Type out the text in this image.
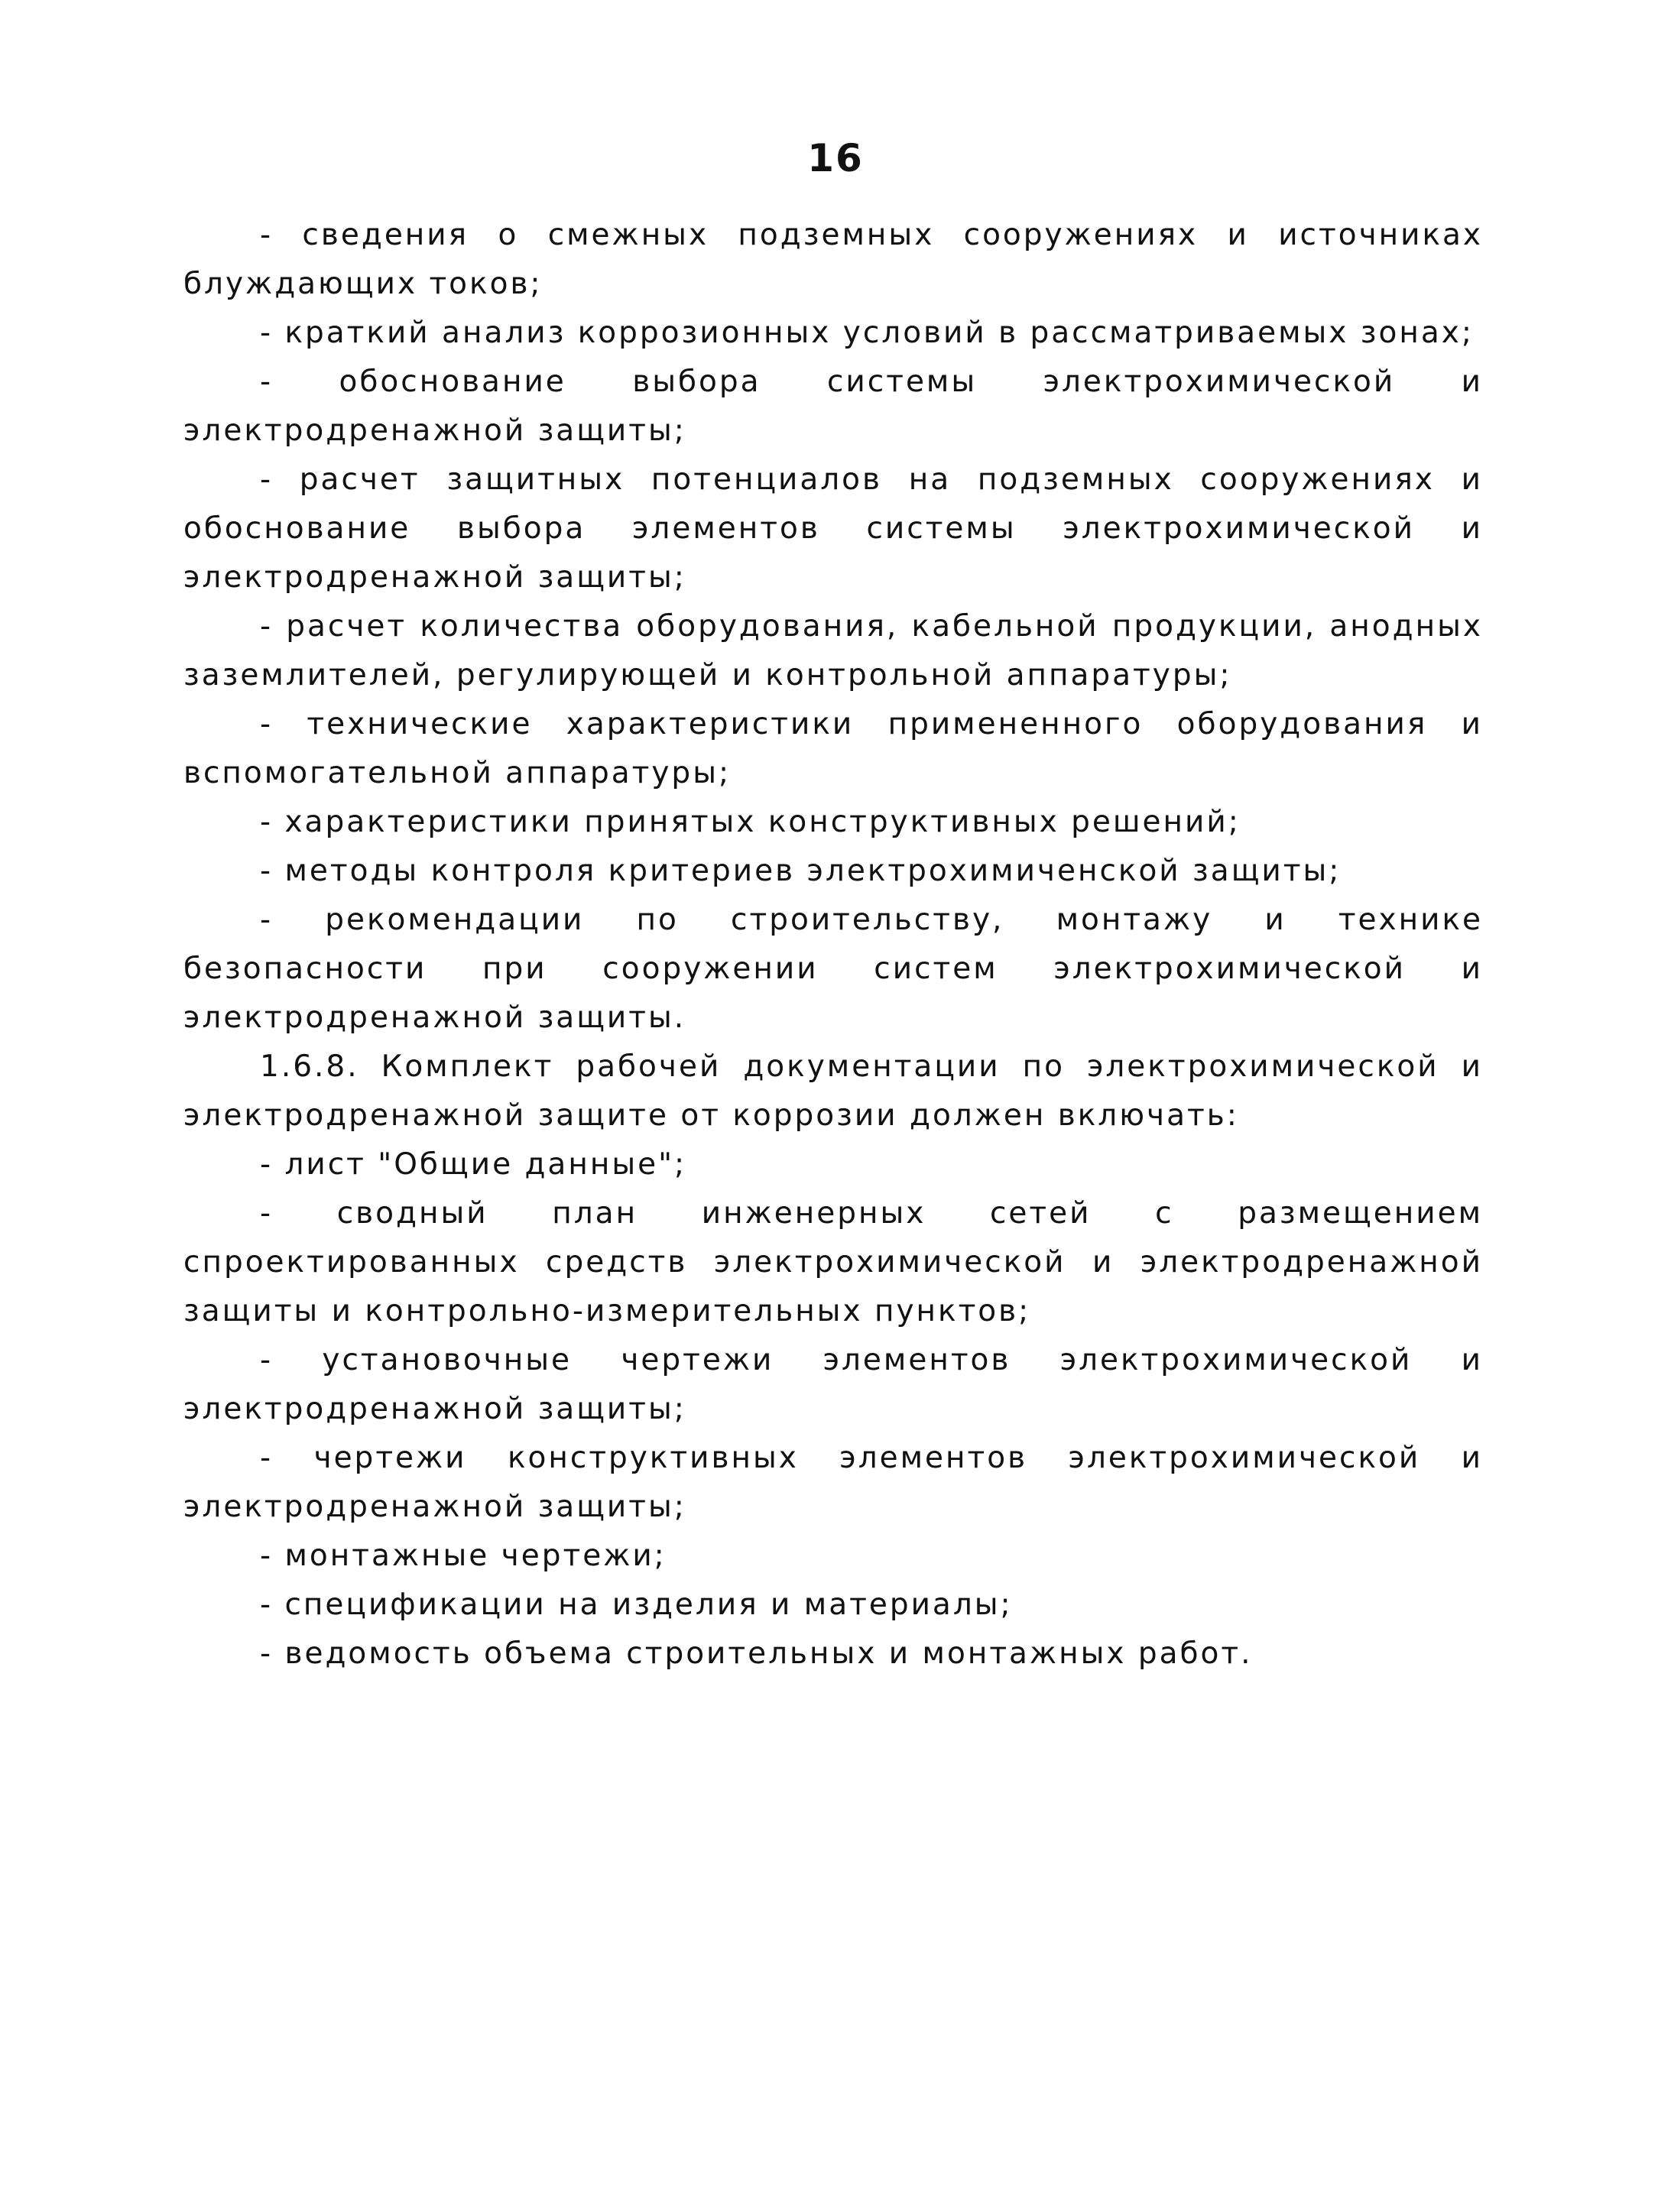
16

- сведения о смежных подземных сооружениях и источниках блуждающих токов;

- краткий анализ коррозионных условий в рассматриваемых зонах;

- обоснование выбора системы электрохимической и электродренажной защиты;

- расчет защитных потенциалов на подземных сооружениях и обоснование выбора элементов системы электрохимической и электродренажной защиты;

- расчет количества оборудования, кабельной продукции, анодных заземлителей, регулирующей и контрольной аппаратуры;

- технические характеристики примененного оборудования и вспомогательной аппаратуры;

- характеристики принятых конструктивных решений;

- методы контроля критериев электрохимиченской защиты;

- рекомендации по строительству, монтажу и технике безопасности при сооружении систем электрохимической и электродренажной защиты.

1.6.8. Комплект рабочей документации по электрохимической и электродренажной защите от коррозии должен включать:

- лист "Общие данные";

- сводный план инженерных сетей с размещением спроектированных средств электрохимической и электродренажной защиты и контрольно-измерительных пунктов;

- установочные чертежи элементов электрохимической и электродренажной защиты;

- чертежи конструктивных элементов электрохимической и электродренажной защиты;

- монтажные чертежи;

- спецификации на изделия и материалы;

- ведомость объема строительных и монтажных работ.
